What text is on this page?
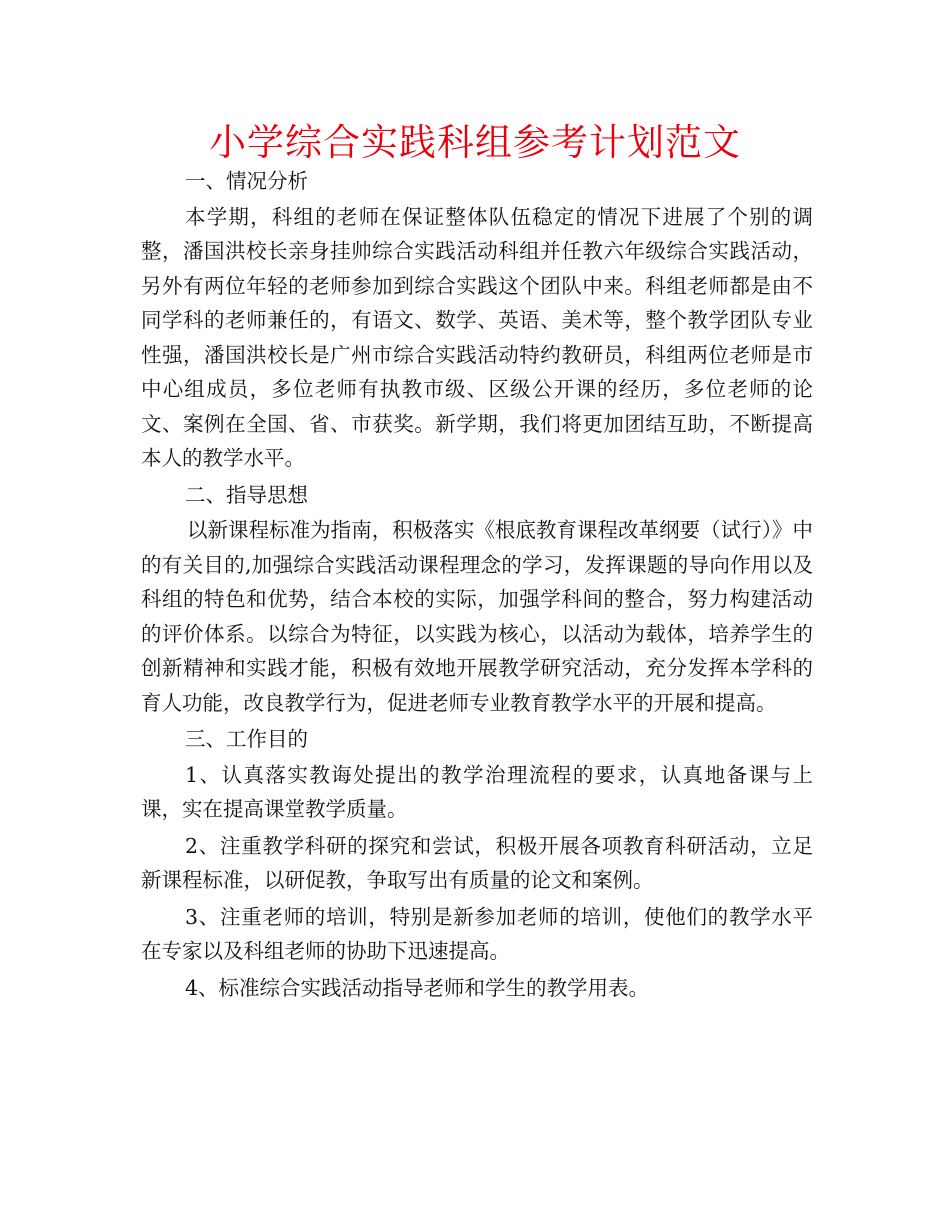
小学综合实践科组参考计划范文

一、情况分析

本学期，科组的老师在保证整体队伍稳定的情况下进展了个别的调整，潘国洪校长亲身挂帅综合实践活动科组并任教六年级综合实践活动，另外有两位年轻的老师参加到综合实践这个团队中来。科组老师都是由不同学科的老师兼任的，有语文、数学、英语、美术等，整个教学团队专业性强，潘国洪校长是广州市综合实践活动特约教研员，科组两位老师是市中心组成员，多位老师有执教市级、区级公开课的经历，多位老师的论文、案例在全国、省、市获奖。新学期，我们将更加团结互助，不断提高本人的教学水平。

二、指导思想

以新课程标准为指南，积极落实《根底教育课程改革纲要（试行）》中的有关目的,加强综合实践活动课程理念的学习，发挥课题的导向作用以及科组的特色和优势，结合本校的实际，加强学科间的整合，努力构建活动的评价体系。以综合为特征，以实践为核心，以活动为载体，培养学生的创新精神和实践才能，积极有效地开展教学研究活动，充分发挥本学科的育人功能，改良教学行为，促进老师专业教育教学水平的开展和提高。

三、工作目的

1、认真落实教诲处提出的教学治理流程的要求，认真地备课与上课，实在提高课堂教学质量。

2、注重教学科研的探究和尝试，积极开展各项教育科研活动，立足新课程标准，以研促教，争取写出有质量的论文和案例。

3、注重老师的培训，特别是新参加老师的培训，使他们的教学水平在专家以及科组老师的协助下迅速提高。

4、标准综合实践活动指导老师和学生的教学用表。
